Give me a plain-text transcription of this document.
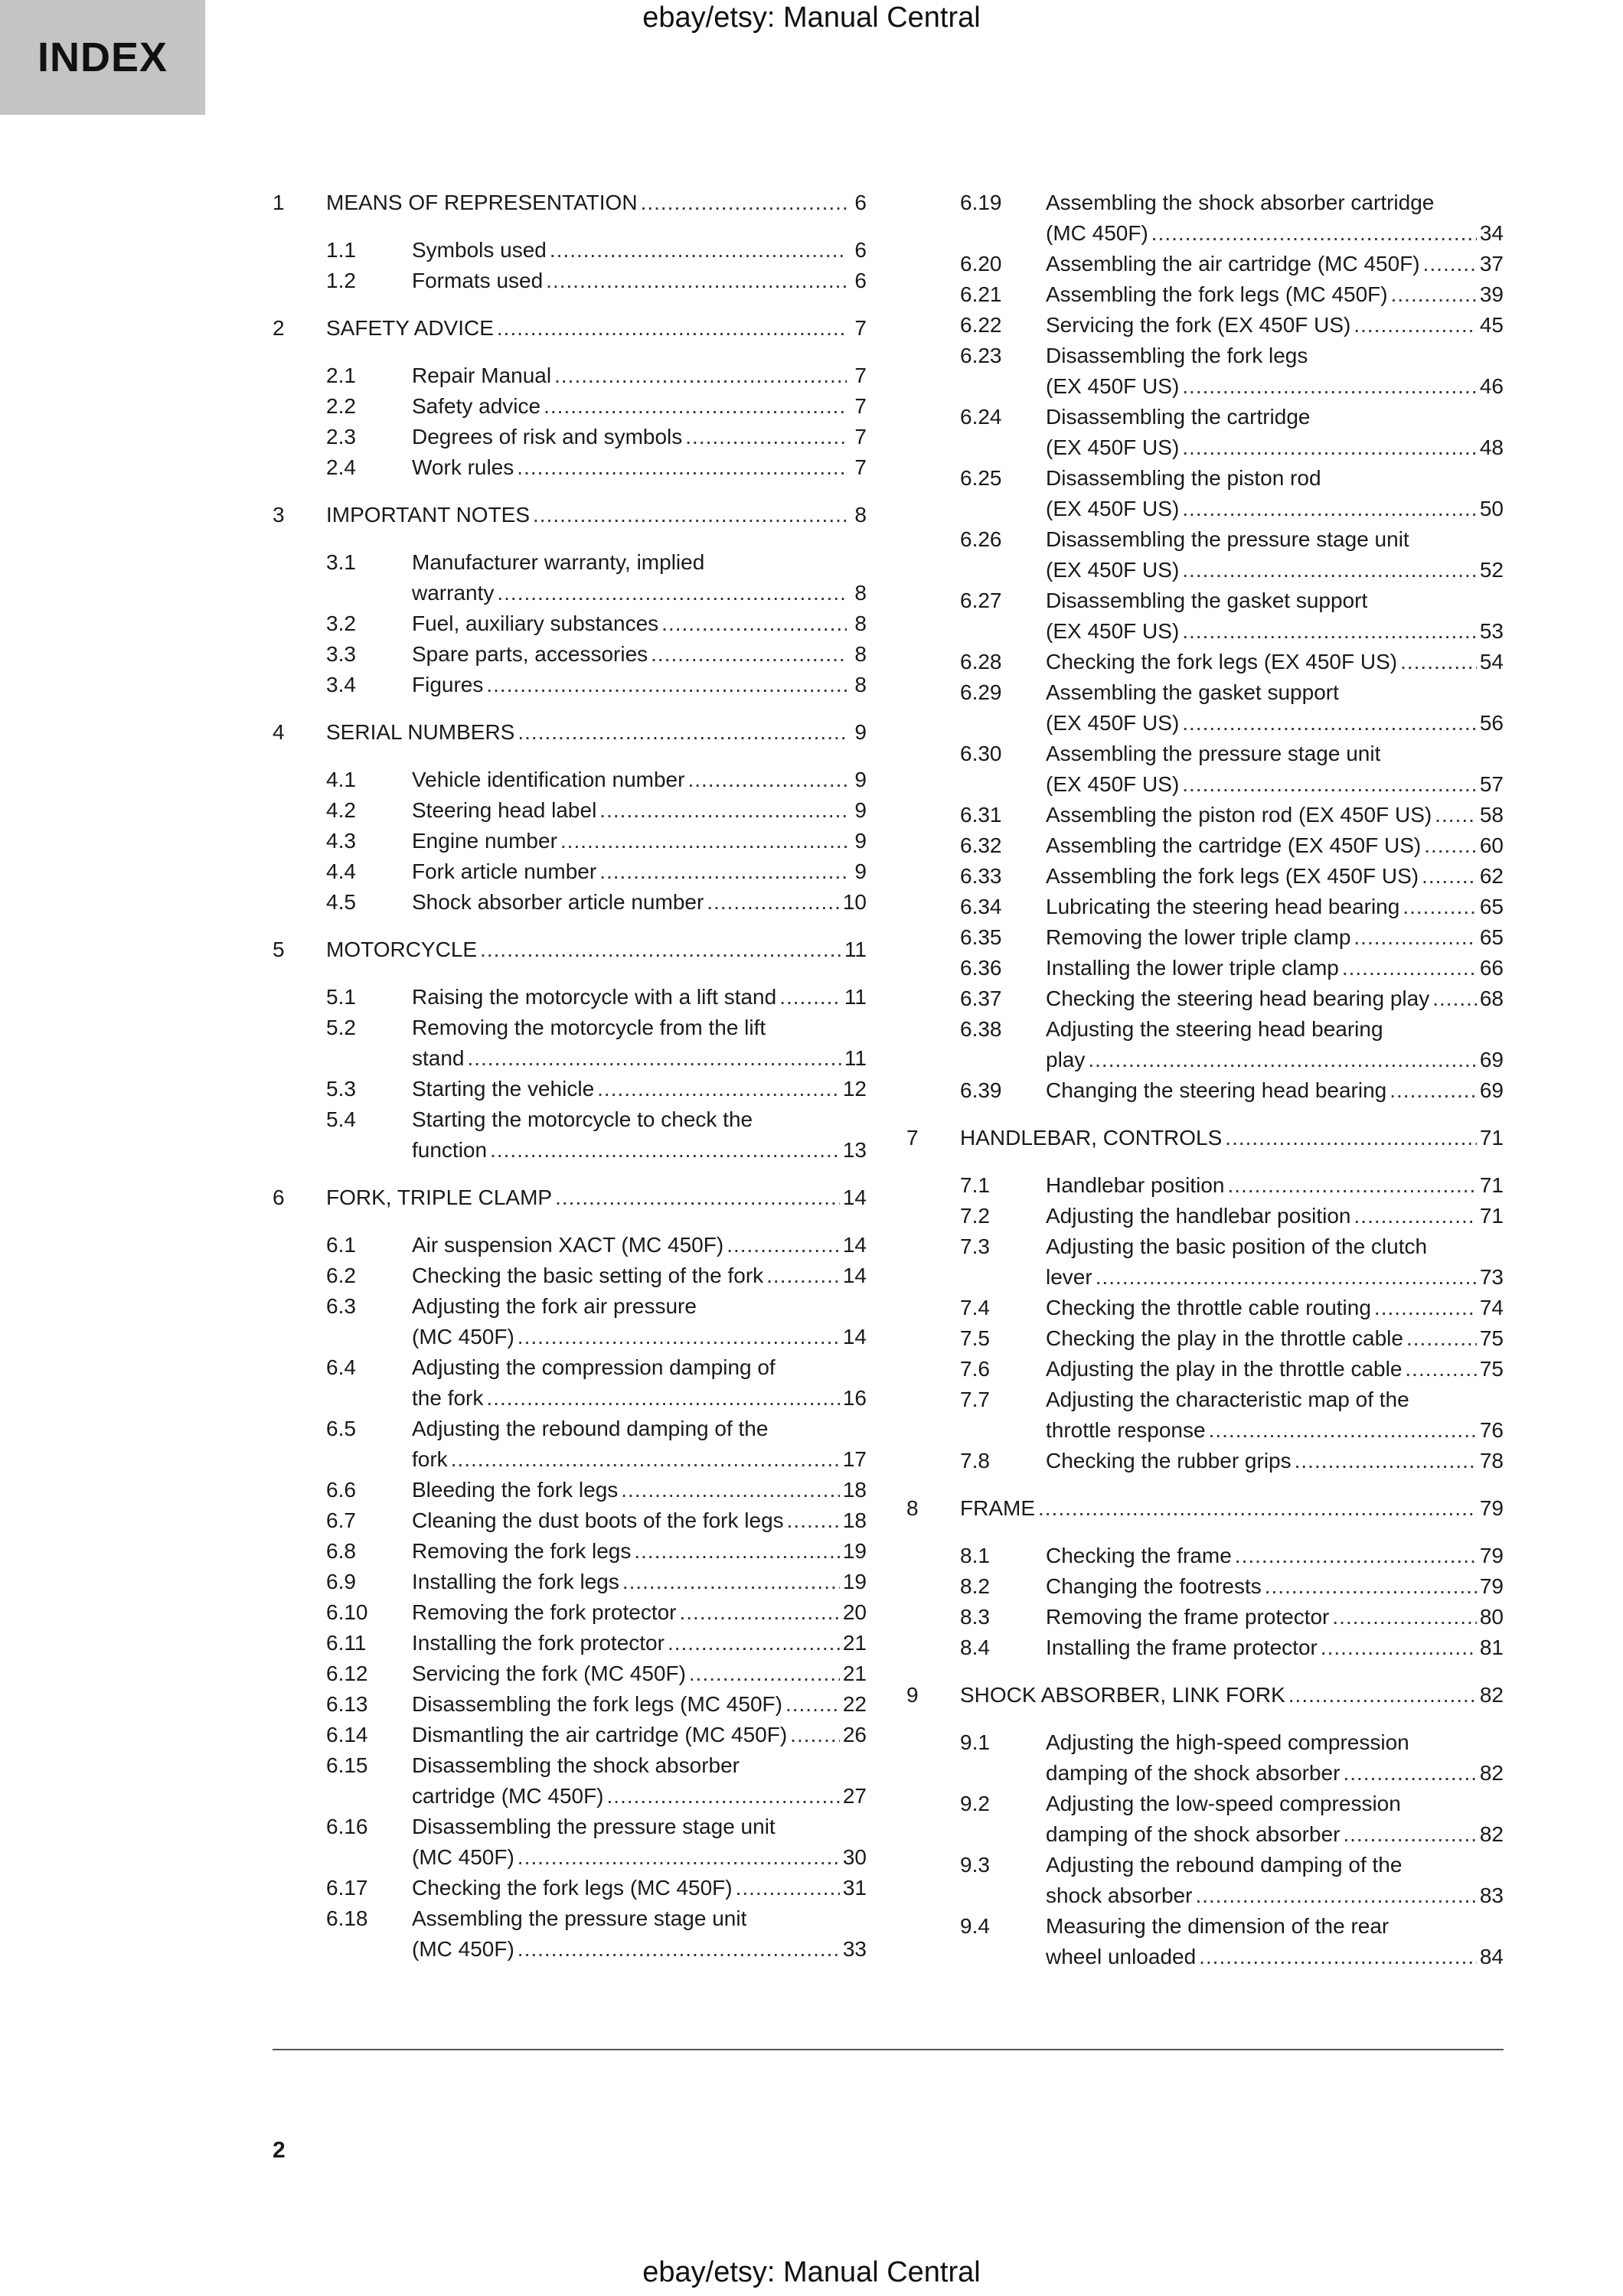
ebay/etsy: Manual Central
INDEX
1 MEANS OF REPRESENTATION .....	6
1.1	Symbols used .....	6
1.2	Formats used .....	6
2 SAFETY ADVICE .....	7
2.1	Repair Manual .....	7
2.2	Safety advice .....	7
2.3	Degrees of risk and symbols .....	7
2.4	Work rules .....	7
3 IMPORTANT NOTES .....	8
3.1	Manufacturer warranty, implied
warranty .....	8
3.2	Fuel, auxiliary substances .....	8
3.3	Spare parts, accessories .....	8
3.4	Figures .....	8
4 SERIAL NUMBERS .....	9
4.1	Vehicle identification number .....	9
4.2	Steering head label .....	9
4.3	Engine number .....	9
4.4	Fork article number .....	9
4.5	Shock absorber article number .....	10
5 MOTORCYCLE .....	11
5.1	Raising the motorcycle with a lift stand .....	11
5.2	Removing the motorcycle from the lift
stand .....	11
5.3	Starting the vehicle .....	12
5.4	Starting the motorcycle to check the
function .....	13
6 FORK, TRIPLE CLAMP .....	14
6.1	Air suspension XACT (MC 450F) .....	14
6.2	Checking the basic setting of the fork .....	14
6.3	Adjusting the fork air pressure
(MC 450F) .....	14
6.4	Adjusting the compression damping of
the fork .....	16
6.5	Adjusting the rebound damping of the
fork .....	17
6.6	Bleeding the fork legs .....	18
6.7	Cleaning the dust boots of the fork legs .....	18
6.8	Removing the fork legs .....	19
6.9	Installing the fork legs .....	19
6.10 Removing the fork protector .....	20
6.11 Installing the fork protector .....	21
6.12 Servicing the fork (MC 450F) .....	21
6.13 Disassembling the fork legs (MC 450F) .....	22
6.14 Dismantling the air cartridge (MC 450F) .....	26
6.15 Disassembling the shock absorber
cartridge (MC 450F) .....	27
6.16 Disassembling the pressure stage unit
(MC 450F) .....	30
6.17 Checking the fork legs (MC 450F) .....	31
6.18 Assembling the pressure stage unit
(MC 450F) .....	33
6.19 Assembling the shock absorber cartridge
(MC 450F) .....	34
6.20 Assembling the air cartridge (MC 450F) .....	37
6.21 Assembling the fork legs (MC 450F) .....	39
6.22 Servicing the fork (EX 450F US) .....	45
6.23 Disassembling the fork legs
(EX 450F US) .....	46
6.24 Disassembling the cartridge
(EX 450F US) .....	48
6.25 Disassembling the piston rod
(EX 450F US) .....	50
6.26 Disassembling the pressure stage unit
(EX 450F US) .....	52
6.27 Disassembling the gasket support
(EX 450F US) .....	53
6.28 Checking the fork legs (EX 450F US) .....	54
6.29 Assembling the gasket support
(EX 450F US) .....	56
6.30 Assembling the pressure stage unit
(EX 450F US) .....	57
6.31 Assembling the piston rod (EX 450F US) ..... 58
6.32 Assembling the cartridge (EX 450F US) .....	60
6.33 Assembling the fork legs (EX 450F US) .....	62
6.34 Lubricating the steering head bearing .....	65
6.35 Removing the lower triple clamp .....	65
6.36 Installing the lower triple clamp .....	66
6.37 Checking the steering head bearing play ..... 68
6.38 Adjusting the steering head bearing
play .....	69
6.39 Changing the steering head bearing .....	69
7 HANDLEBAR, CONTROLS .....	71
7.1	Handlebar position .....	71
7.2	Adjusting the handlebar position .....	71
7.3	Adjusting the basic position of the clutch
lever .....	73
7.4	Checking the throttle cable routing .....	74
7.5	Checking the play in the throttle cable .....	75
7.6	Adjusting the play in the throttle cable .....	75
7.7	Adjusting the characteristic map of the
throttle response .....	76
7.8	Checking the rubber grips .....	78
8 FRAME .....	79
8.1	Checking the frame .....	79
8.2	Changing the footrests .....	79
8.3	Removing the frame protector .....	80
8.4	Installing the frame protector .....	81
9 SHOCK ABSORBER, LINK FORK .....	82
9.1	Adjusting the high-speed compression
damping of the shock absorber .....	82
9.2	Adjusting the low-speed compression
damping of the shock absorber .....	82
9.3	Adjusting the rebound damping of the
shock absorber .....	83
9.4	Measuring the dimension of the rear
wheel unloaded .....	84
2
ebay/etsy: Manual Central
